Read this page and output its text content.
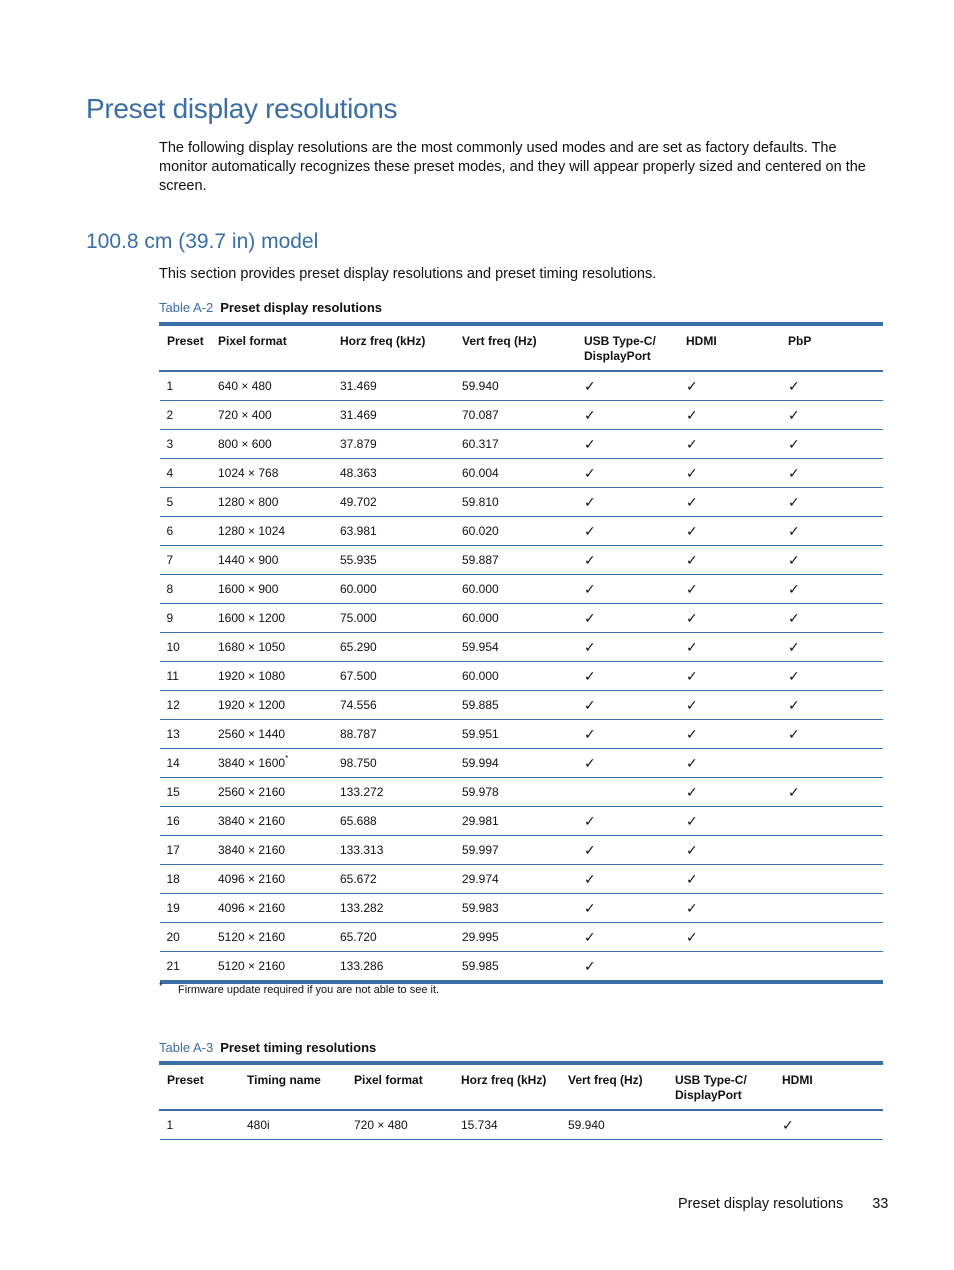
Preset display resolutions

The following display resolutions are the most commonly used modes and are set as factory defaults. The monitor automatically recognizes these preset modes, and they will appear properly sized and centered on the screen.

100.8 cm (39.7 in) model

This section provides preset display resolutions and preset timing resolutions.

Table A-2 Preset display resolutions
Preset	Pixel format	Horz freq (kHz)	Vert freq (Hz)	USB Type-C/ DisplayPort	HDMI	PbP
1	640 × 480	31.469	59.940	✓	✓	✓
2	720 × 400	31.469	70.087	✓	✓	✓
3	800 × 600	37.879	60.317	✓	✓	✓
4	1024 × 768	48.363	60.004	✓	✓	✓
5	1280 × 800	49.702	59.810	✓	✓	✓
6	1280 × 1024	63.981	60.020	✓	✓	✓
7	1440 × 900	55.935	59.887	✓	✓	✓
8	1600 × 900	60.000	60.000	✓	✓	✓
9	1600 × 1200	75.000	60.000	✓	✓	✓
10	1680 × 1050	65.290	59.954	✓	✓	✓
11	1920 × 1080	67.500	60.000	✓	✓	✓
12	1920 × 1200	74.556	59.885	✓	✓	✓
13	2560 × 1440	88.787	59.951	✓	✓	✓
14	3840 × 1600*	98.750	59.994	✓	✓	
15	2560 × 2160	133.272	59.978		✓	✓
16	3840 × 2160	65.688	29.981	✓	✓	
17	3840 × 2160	133.313	59.997	✓	✓	
18	4096 × 2160	65.672	29.974	✓	✓	
19	4096 × 2160	133.282	59.983	✓	✓	
20	5120 × 2160	65.720	29.995	✓	✓	
21	5120 × 2160	133.286	59.985	✓		
* Firmware update required if you are not able to see it.
Table A-3 Preset timing resolutions
Preset	Timing name	Pixel format	Horz freq (kHz)	Vert freq (Hz)	USB Type-C/ DisplayPort	HDMI
1	480i	720 × 480	15.734	59.940		✓
Preset display resolutions 33
